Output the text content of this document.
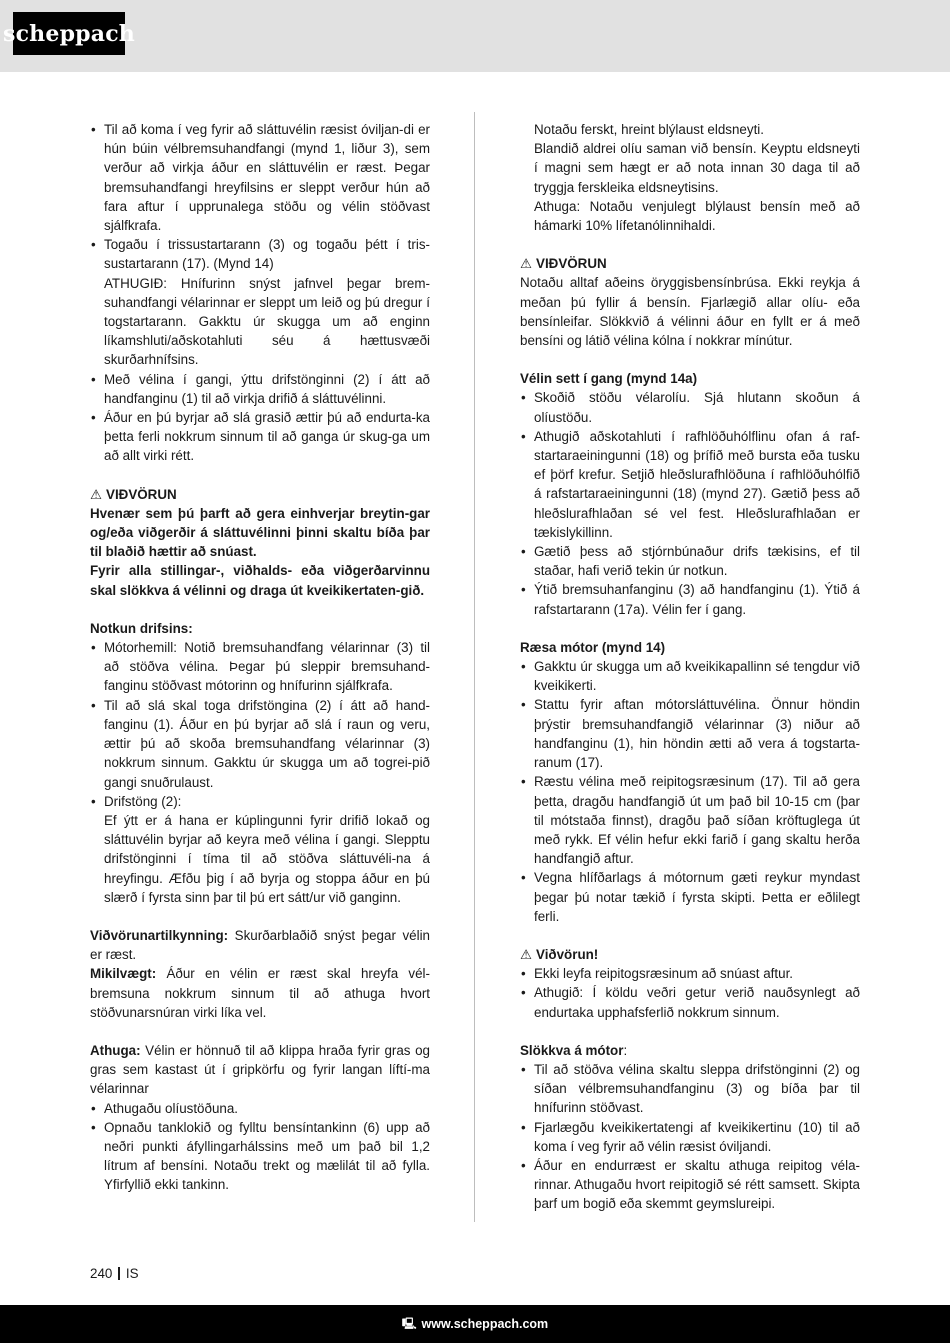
scheppach
• Til að koma í veg fyrir að sláttuvélin ræsist óviljan-di er hún búin vélbremsuhandfangi (mynd 1, liður 3), sem verður að virkja áður en sláttuvélin er ræst. Þegar bremsuhandfangi hreyfilsins er sleppt verður hún að fara aftur í upprunalega stöðu og vélin stöðvast sjálfkrafa.
• Togaðu í trissustartarann (3) og togaðu þétt í tris-sustartarann (17). (Mynd 14)
ATHUGIÐ: Hnífurinn snýst jafnvel þegar brem-suhandfangi vélarinnar er sleppt um leið og þú dregur í togstartarann. Gakktu úr skugga um að enginn líkamshluti/aðskotahluti séu á hættusvæði skurðarhnífsins.
• Með vélina í gangi, ýttu drifstönginni (2) í átt að handfanginu (1) til að virkja drifið á sláttuvélinni.
• Áður en þú byrjar að slá grasið ættir þú að endurta-ka þetta ferli nokkrum sinnum til að ganga úr skug-ga um að allt virki rétt.

⚠ VIÐVÖRUN

Hvenær sem þú þarft að gera einhverjar breytin-gar og/eða viðgerðir á sláttuvélinni þinni skaltu bíða þar til blaðið hættir að snúast.

Fyrir alla stillingar-, viðhalds- eða viðgerðarvinnu skal slökkva á vélinni og draga út kveikikertaten-gið.

Notkun drifsins:

• Mótorhemill: Notið bremsuhandfang vélarinnar (3) til að stöðva vélina. Þegar þú sleppir bremsuhand-fanginu stöðvast mótorinn og hnífurinn sjálfkrafa.
• Til að slá skal toga drifstöngina (2) í átt að hand-fanginu (1). Áður en þú byrjar að slá í raun og veru, ættir þú að skoða bremsuhandfang vélarinnar (3) nokkrum sinnum. Gakktu úr skugga um að togrei-pið gangi snuðrulaust.
• Drifstöng (2):
Ef ýtt er á hana er kúplingunni fyrir drifið lokað og sláttuvélin byrjar að keyra með vélina í gangi. Slepptu drifstönginni í tíma til að stöðva sláttuvéli-na á hreyfingu. Æfðu þig í að byrja og stoppa áður en þú slærð í fyrsta sinn þar til þú ert sátt/ur við ganginn.

Viðvörunartilkynning: Skurðarblaðið snýst þegar vélin er ræst.

Mikilvægt: Áður en vélin er ræst skal hreyfa vél-bremsuna nokkrum sinnum til að athuga hvort stöðvunarsnúran virki líka vel.

Athuga: Vélin er hönnuð til að klippa hraða fyrir gras og gras sem kastast út í gripkörfu og fyrir langan líftí-ma vélarinnar

• Athugaðu olíustöðuna.
• Opnaðu tanklokið og fylltu bensíntankinn (6) upp að neðri punkti áfyllingarhálssins með um það bil 1,2 lítrum af bensíni. Notaðu trekt og mælilát til að fylla. Yfirfyllið ekki tankinn.
Notaðu ferskt, hreint blýlaust eldsneyti.
Blandið aldrei olíu saman við bensín. Keyptu eldsneyti í magni sem hægt er að nota innan 30 daga til að tryggja ferskleika eldsneytisins.
Athuga: Notaðu venjulegt blýlaust bensín með að hámarki 10% lífetanólinnihaldi.

⚠ VIÐVÖRUN

Notaðu alltaf aðeins öryggisbensínbrúsa. Ekki reykja á meðan þú fyllir á bensín. Fjarlægið allar olíu- eða bensínleifar. Slökkvið á vélinni áður en fyllt er á með bensíni og látið vélina kólna í nokkrar mínútur.

Vélin sett í gang (mynd 14a)

• Skoðið stöðu vélarolíu. Sjá hlutann skoðun á olíustöðu.
• Athugið aðskotahluti í rafhlöðuhólflinu ofan á raf-startaraeiningunni (18) og þrífið með bursta eða tusku ef þörf krefur. Setjið hleðslurafhlöðuna í rafhlöðuhólfið á rafstartaraeiningunni (18) (mynd 27). Gætið þess að hleðslurafhlaðan sé vel fest. Hleðslurafhlaðan er tækislykillinn.
• Gætið þess að stjórnbúnaður drifs tækisins, ef til staðar, hafi verið tekin úr notkun.
• Ýtið bremsuhanfanginu (3) að handfanginu (1). Ýtið á rafstartarann (17a). Vélin fer í gang.

Ræsa mótor (mynd 14)

• Gakktu úr skugga um að kveikikapallinn sé tengdur við kveikikerti.
• Stattu fyrir aftan mótorsláttuvélina. Önnur höndin þrýstir bremsuhandfangið vélarinnar (3) niður að handfanginu (1), hin höndin ætti að vera á togstarta-ranum (17).
• Ræstu vélina með reipitogsræsinum (17). Til að gera þetta, dragðu handfangið út um það bil 10-15 cm (þar til mótstaða finnst), dragðu það síðan kröftuglega út með rykk. Ef vélin hefur ekki farið í gang skaltu herða handfangið aftur.
• Vegna hlífðarlags á mótornum gæti reykur myndast þegar þú notar tækið í fyrsta skipti. Þetta er eðlilegt ferli.

⚠ Viðvörun!

• Ekki leyfa reipitogsræsinum að snúast aftur.
• Athugið: Í köldu veðri getur verið nauðsynlegt að endurtaka upphafsferlið nokkrum sinnum.

Slökkva á mótor:

• Til að stöðva vélina skaltu sleppa drifstönginni (2) og síðan vélbremsuhandfanginu (3) og bíða þar til hnífurinn stöðvast.
• Fjarlægðu kveikikertatengi af kveikikertinu (10) til að koma í veg fyrir að vélin ræsist óviljandi.
• Áður en endurræst er skaltu athuga reipitog véla-rinnar. Athugaðu hvort reipitogið sé rétt samsett. Skipta þarf um bogið eða skemmt geymslureipi.
240 IS
🖳 www.scheppach.com
